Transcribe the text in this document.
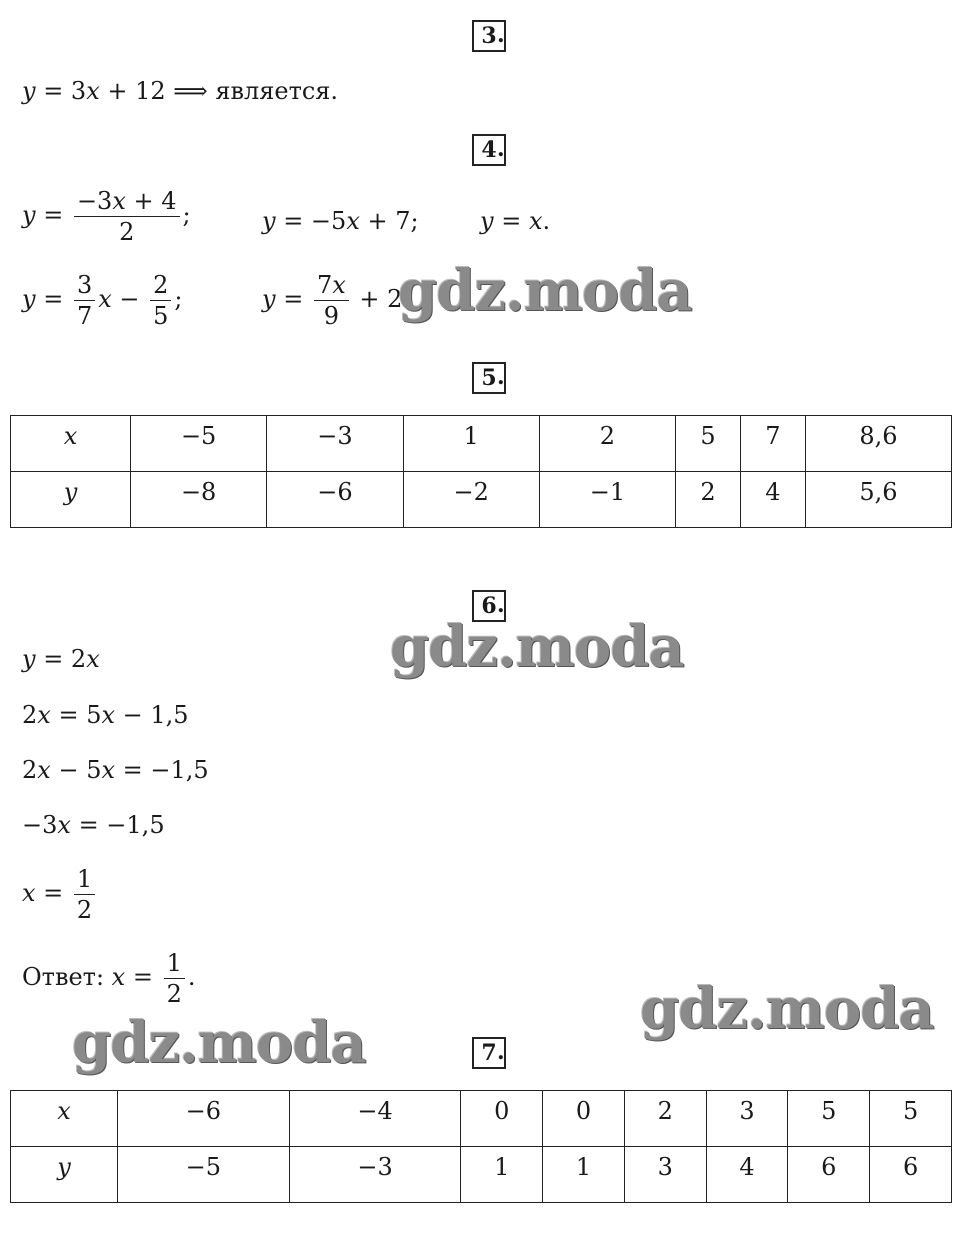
3 .
y = 3x + 12 ⟹ является.
4 .
$y = \frac{-3x + 4}{2}$ ;	y = −5x + 7;	y = x.
$y = \frac{3}{7}$ $x - \frac{2}{5}$ ;	$y = \frac{7x}{9} + 2$.
gdz.moda
5 .
x	−5	−3	1	2	5	7	8,6
y	−8	−6	−2	−1	2	4	5,6
6 .
gdz.moda
y = 2x
2x = 5x − 1,5
2x − 5x = −1,5
−3x = −1,5
$x = \frac{1}{2}$
Ответ: $x = \frac{1}{2}$ .	gdz.moda
gdz.moda	7 .
x	−6	−4	0	0	2	3	5	5
y	−5	−3	1	1	3	4	6	6
